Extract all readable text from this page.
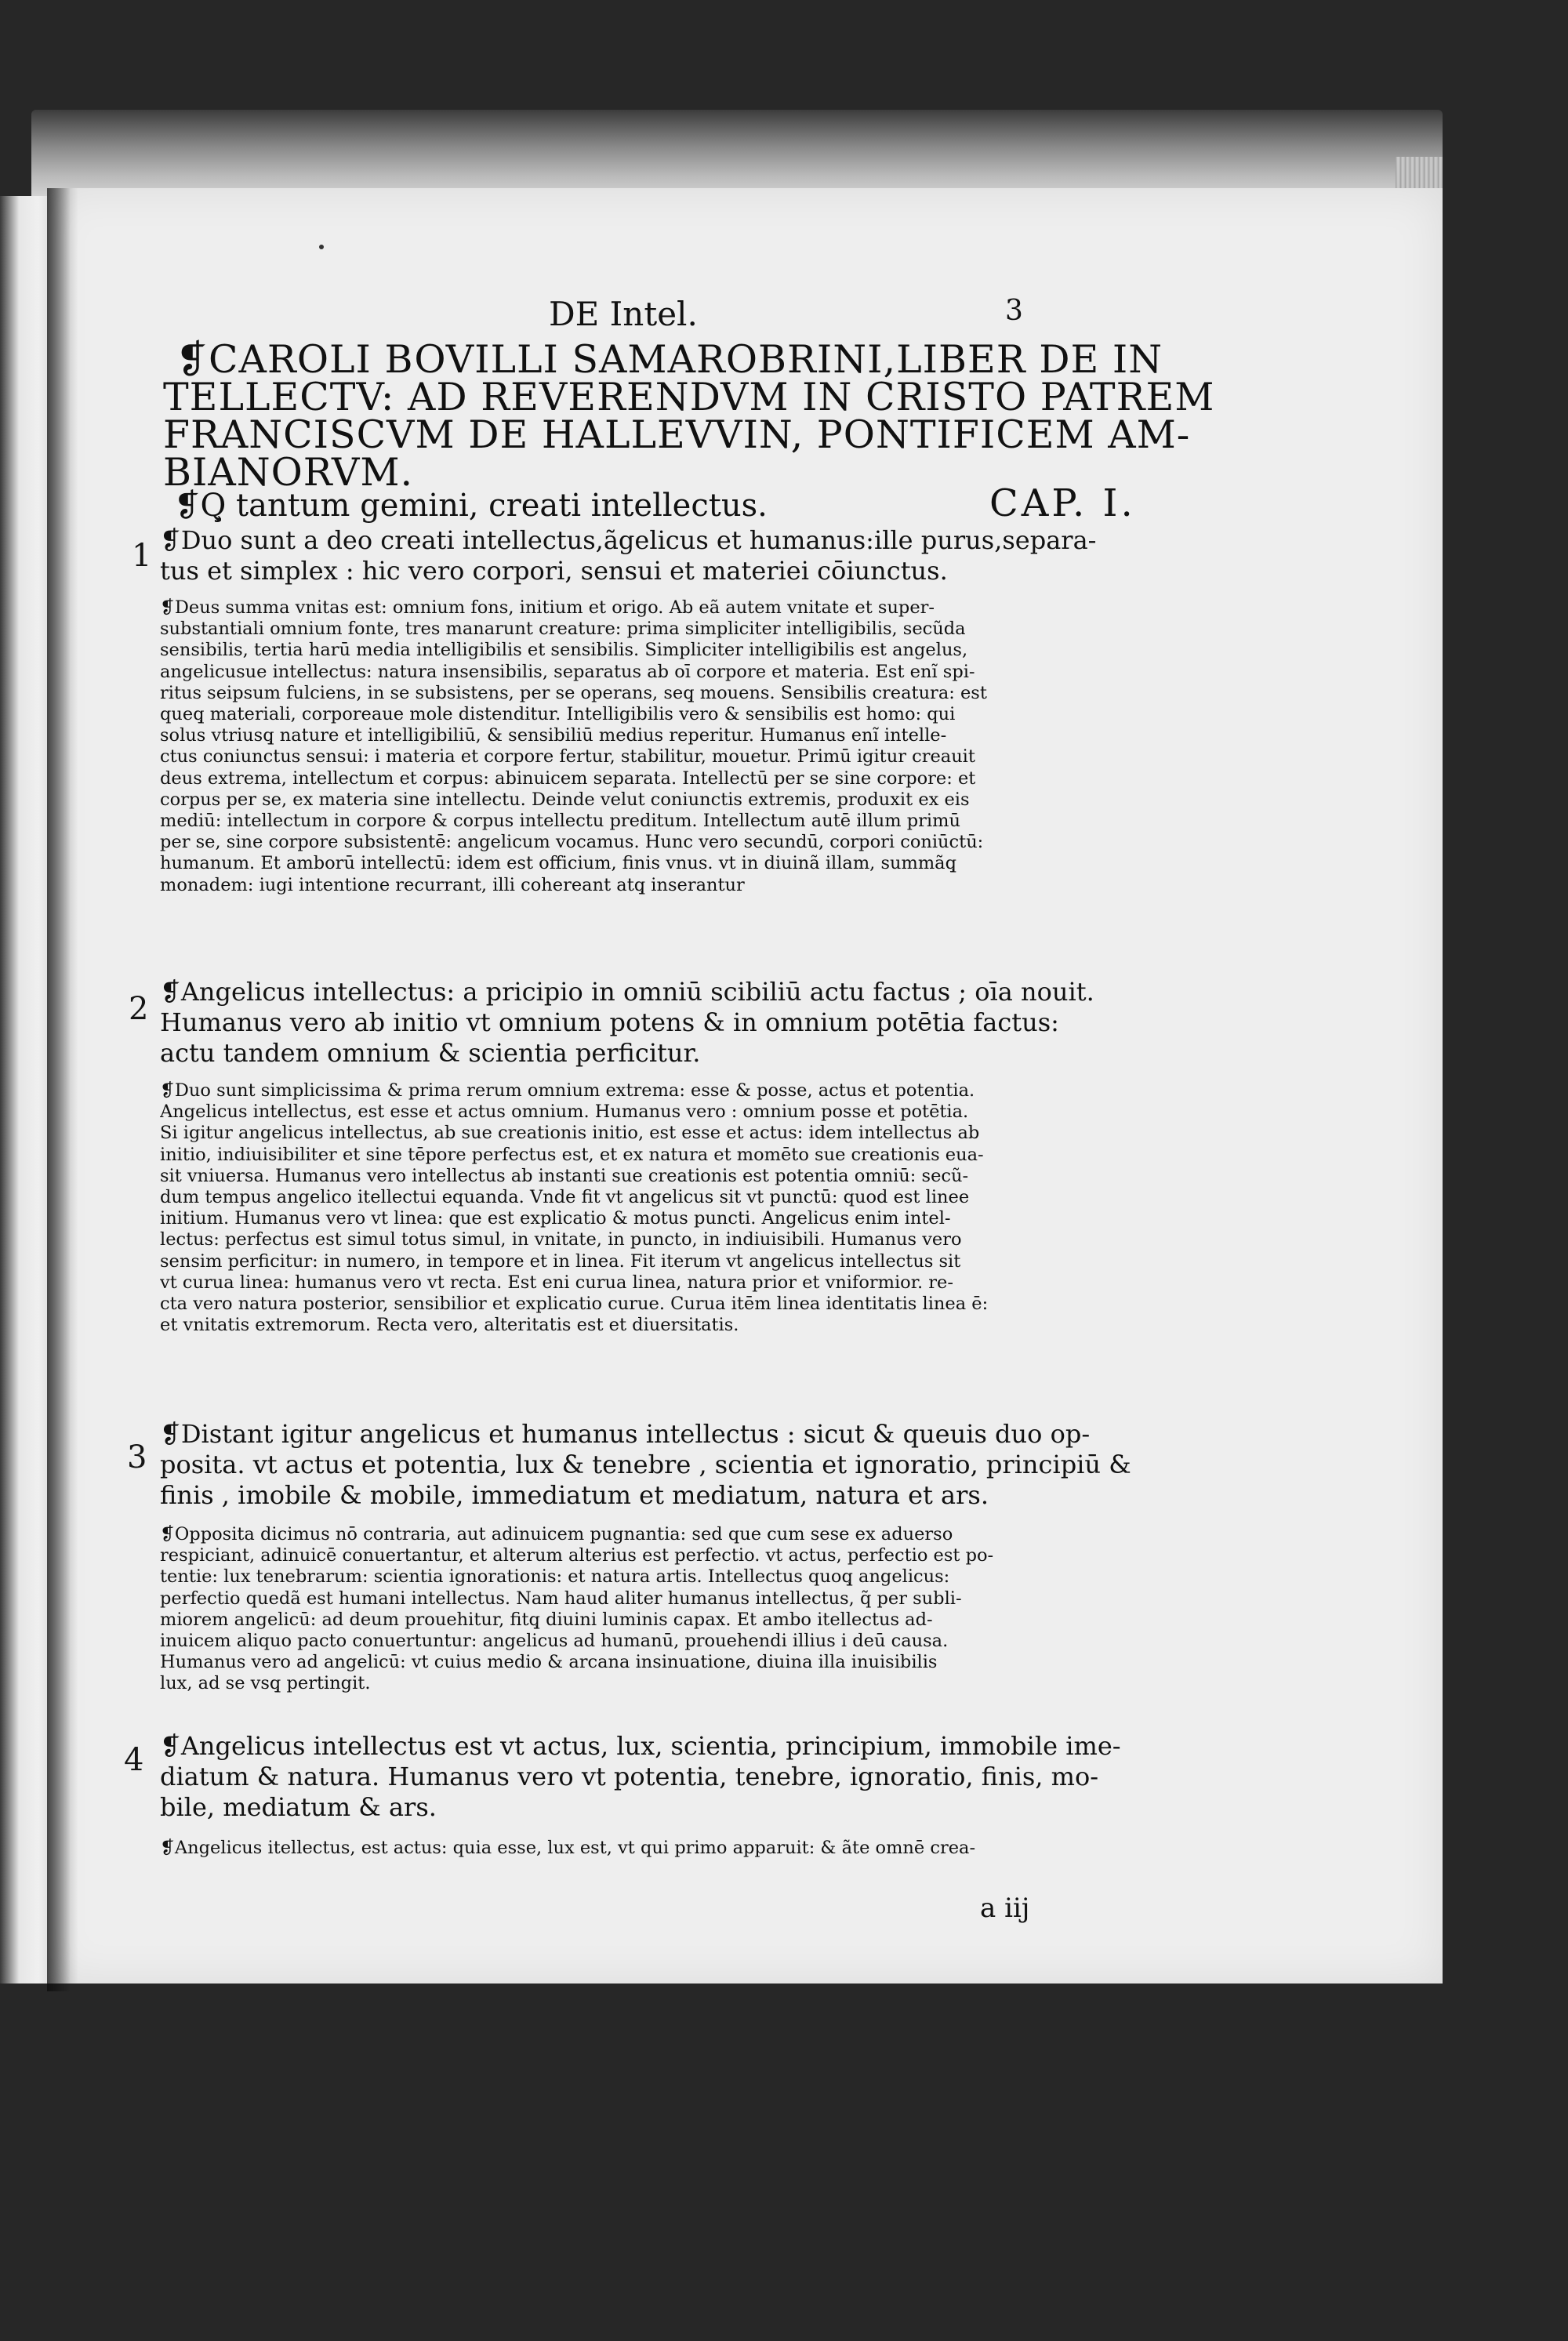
DE Intel.	3
❡CAROLI BOVILLI SAMAROBRINI,LIBER DE IN
TELLECTV: AD REVERENDVM IN CRISTO PATREM
FRANCISCVM DE HALLEVVIN, PONTIFICEM AM-
BIANORVM.
❡Q̧ tantum gemini, creati intellectus.	CAP. I.
1
2
3
4
❡Duo sunt a deo creati intellectus,ãgelicus et humanus:ille purus,separa-
tus et simplex : hic vero corpori, sensui et materiei cōiunctus.
❡Deus summa vnitas est: omnium fons, initium et origo. Ab eã autem vnitate et super-
substantiali omnium fonte, tres manarunt creature: prima simpliciter intelligibilis, secũda
sensibilis, tertia harū media intelligibilis et sensibilis. Simpliciter intelligibilis est angelus,
angelicusue intellectus: natura insensibilis, separatus ab oī corpore et materia. Est enĩ spi-
ritus seipsum fulciens, in se subsistens, per se operans, seq̧ mouens. Sensibilis creatura: est
queq̧ materiali, corporeaue mole distenditur. Intelligibilis vero & sensibilis est homo: qui
solus vtriusq̧ nature et intelligibiliū, & sensibiliū medius reperitur. Humanus enĩ intelle-
ctus coniunctus sensui: i materia et corpore fertur, stabilitur, mouetur. Primū igitur creauit
deus extrema, intellectum et corpus: abinuicem separata. Intellectū per se sine corpore: et
corpus per se, ex materia sine intellectu. Deinde velut coniunctis extremis, produxit ex eis
mediū: intellectum in corpore & corpus intellectu preditum. Intellectum autē illum primū
per se, sine corpore subsistentē: angelicum vocamus. Hunc vero secundū, corpori coniūctū:
humanum. Et amborū intellectū: idem est officium, finis vnus. vt in diuinã illam, summãq̧
monadem: iugi intentione recurrant, illi cohereant atq̧ inserantur
❡Angelicus intellectus: a pricipio in omniū scibiliū actu factus ; oīa nouit.
Humanus vero ab initio vt omnium potens & in omnium potētia factus:
actu tandem omnium & scientia perficitur.
❡Duo sunt simplicissima & prima rerum omnium extrema: esse & posse, actus et potentia.
Angelicus intellectus, est esse et actus omnium. Humanus vero : omnium posse et potētia.
Si igitur angelicus intellectus, ab sue creationis initio, est esse et actus: idem intellectus ab
initio, indiuisibiliter et sine tēpore perfectus est, et ex natura et momēto sue creationis eua-
sit vniuersa. Humanus vero intellectus ab instanti sue creationis est potentia omniū: secũ-
dum tempus angelico itellectui equanda. Vnde fit vt angelicus sit vt punctū: quod est linee
initium. Humanus vero vt linea: que est explicatio & motus puncti. Angelicus enim intel-
lectus: perfectus est simul totus simul, in vnitate, in puncto, in indiuisibili. Humanus vero
sensim perficitur: in numero, in tempore et in linea. Fit iterum vt angelicus intellectus sit
vt curua linea: humanus vero vt recta. Est eni curua linea, natura prior et vniformior. re-
cta vero natura posterior, sensibilior et explicatio curue. Curua itēm linea identitatis linea ē:
et vnitatis extremorum. Recta vero, alteritatis est et diuersitatis.
❡Distant igitur angelicus et humanus intellectus : sicut & queuis duo op-
posita. vt actus et potentia, lux & tenebre , scientia et ignoratio, principiū &
finis , imobile & mobile, immediatum et mediatum, natura et ars.
❡Opposita dicimus nō contraria, aut adinuicem pugnantia: sed que cum sese ex aduerso
respiciant, adinuicē conuertantur, et alterum alterius est perfectio. vt actus, perfectio est po-
tentie: lux tenebrarum: scientia ignorationis: et natura artis. Intellectus quoq̧ angelicus:
perfectio quedã est humani intellectus. Nam haud aliter humanus intellectus, q̃ per subli-
miorem angelicū: ad deum prouehitur, fitq̧ diuini luminis capax. Et ambo itellectus ad-
inuicem aliquo pacto conuertuntur: angelicus ad humanū, prouehendi illius i deū causa.
Humanus vero ad angelicū: vt cuius medio & arcana insinuatione, diuina illa inuisibilis
lux, ad se vsq̧ pertingit.
❡Angelicus intellectus est vt actus, lux, scientia, principium, immobile ime-
diatum & natura. Humanus vero vt potentia, tenebre, ignoratio, finis, mo-
bile, mediatum & ars.
❡Angelicus itellectus, est actus: quia esse, lux est, vt qui primo apparuit: & ãte omnē crea-
a iij
